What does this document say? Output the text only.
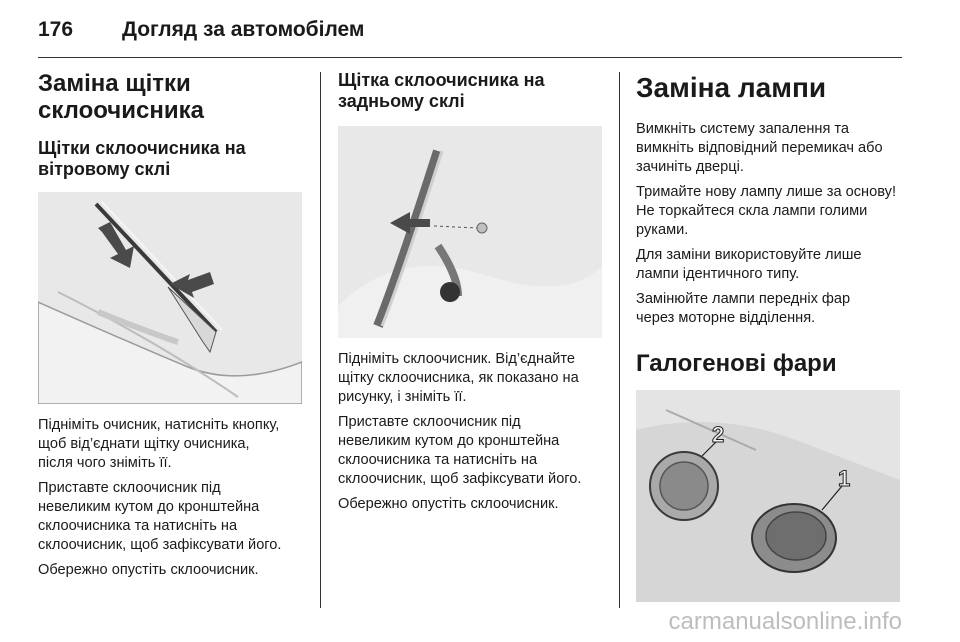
176 Догляд за автомобілем
Заміна щітки склоочисника
Щітки склоочисника на вітровому склі

Підніміть очисник, натисніть кнопку, щоб від’єднати щітку очисника, після чого зніміть її.

Приставте склоочисник під невеликим кутом до кронштейна склоочисника та натисніть на склоочисник, щоб зафіксувати його.

Обережно опустіть склоочисник.

Щітка склоочисника на задньому склі

Підніміть склоочисник. Від’єднайте щітку склоочисника, як показано на рисунку, і зніміть її.

Приставте склоочисник під невеликим кутом до кронштейна склоочисника та натисніть на склоочисник, щоб зафіксувати його.

Обережно опустіть склоочисник.

Заміна лампи

Вимкніть систему запалення та вимкніть відповідний перемикач або зачиніть дверці.

Тримайте нову лампу лише за основу! Не торкайтеся скла лампи голими руками.

Для заміни використовуйте лише лампи ідентичного типу.

Замінюйте лампи передніх фар через моторне відділення.

Галогенові фари
2
1
carmanualsonline.info
